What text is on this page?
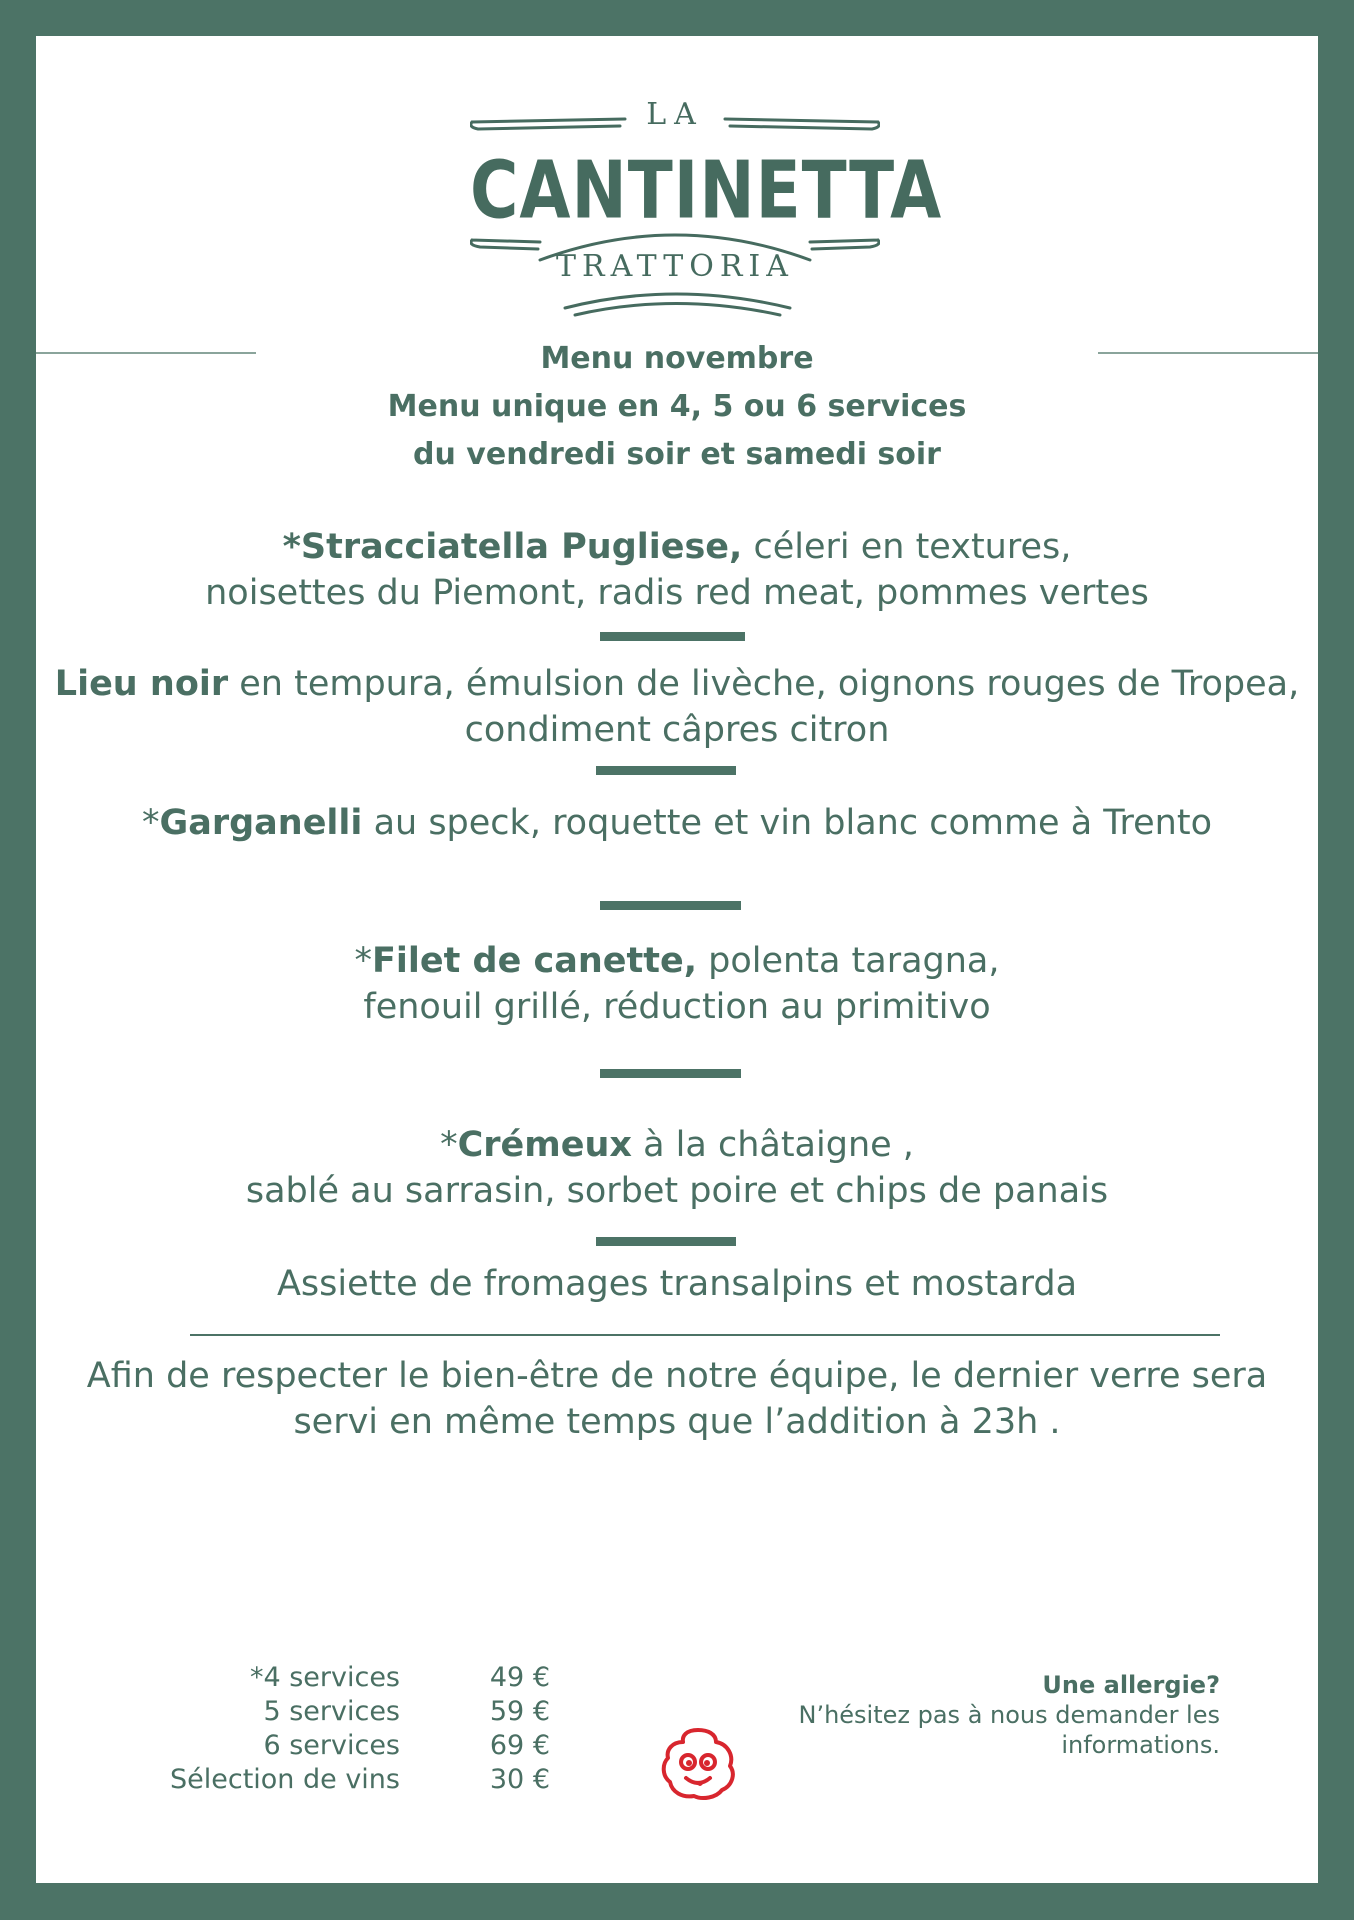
LA
CANTINETTA
TRATTORIA
Menu novembre
Menu unique en 4, 5 ou 6 services
du vendredi soir et samedi soir
*Stracciatella Pugliese, céleri en textures,
noisettes du Piemont, radis red meat, pommes vertes
Lieu noir en tempura, émulsion de livèche, oignons rouges de Tropea,
condiment câpres citron
*Garganelli au speck, roquette et vin blanc comme à Trento
*Filet de canette, polenta taragna,
fenouil grillé, réduction au primitivo
*Crémeux à la châtaigne ,
sablé au sarrasin, sorbet poire et chips de panais
Assiette de fromages transalpins et mostarda
Afin de respecter le bien-être de notre équipe, le dernier verre sera
servi en même temps que l’addition à 23h .
*4 services	49 €
5 services	59 €
6 services	69 €
Sélection de vins	30 €
Une allergie?
N’hésitez pas à nous demander les
informations.
